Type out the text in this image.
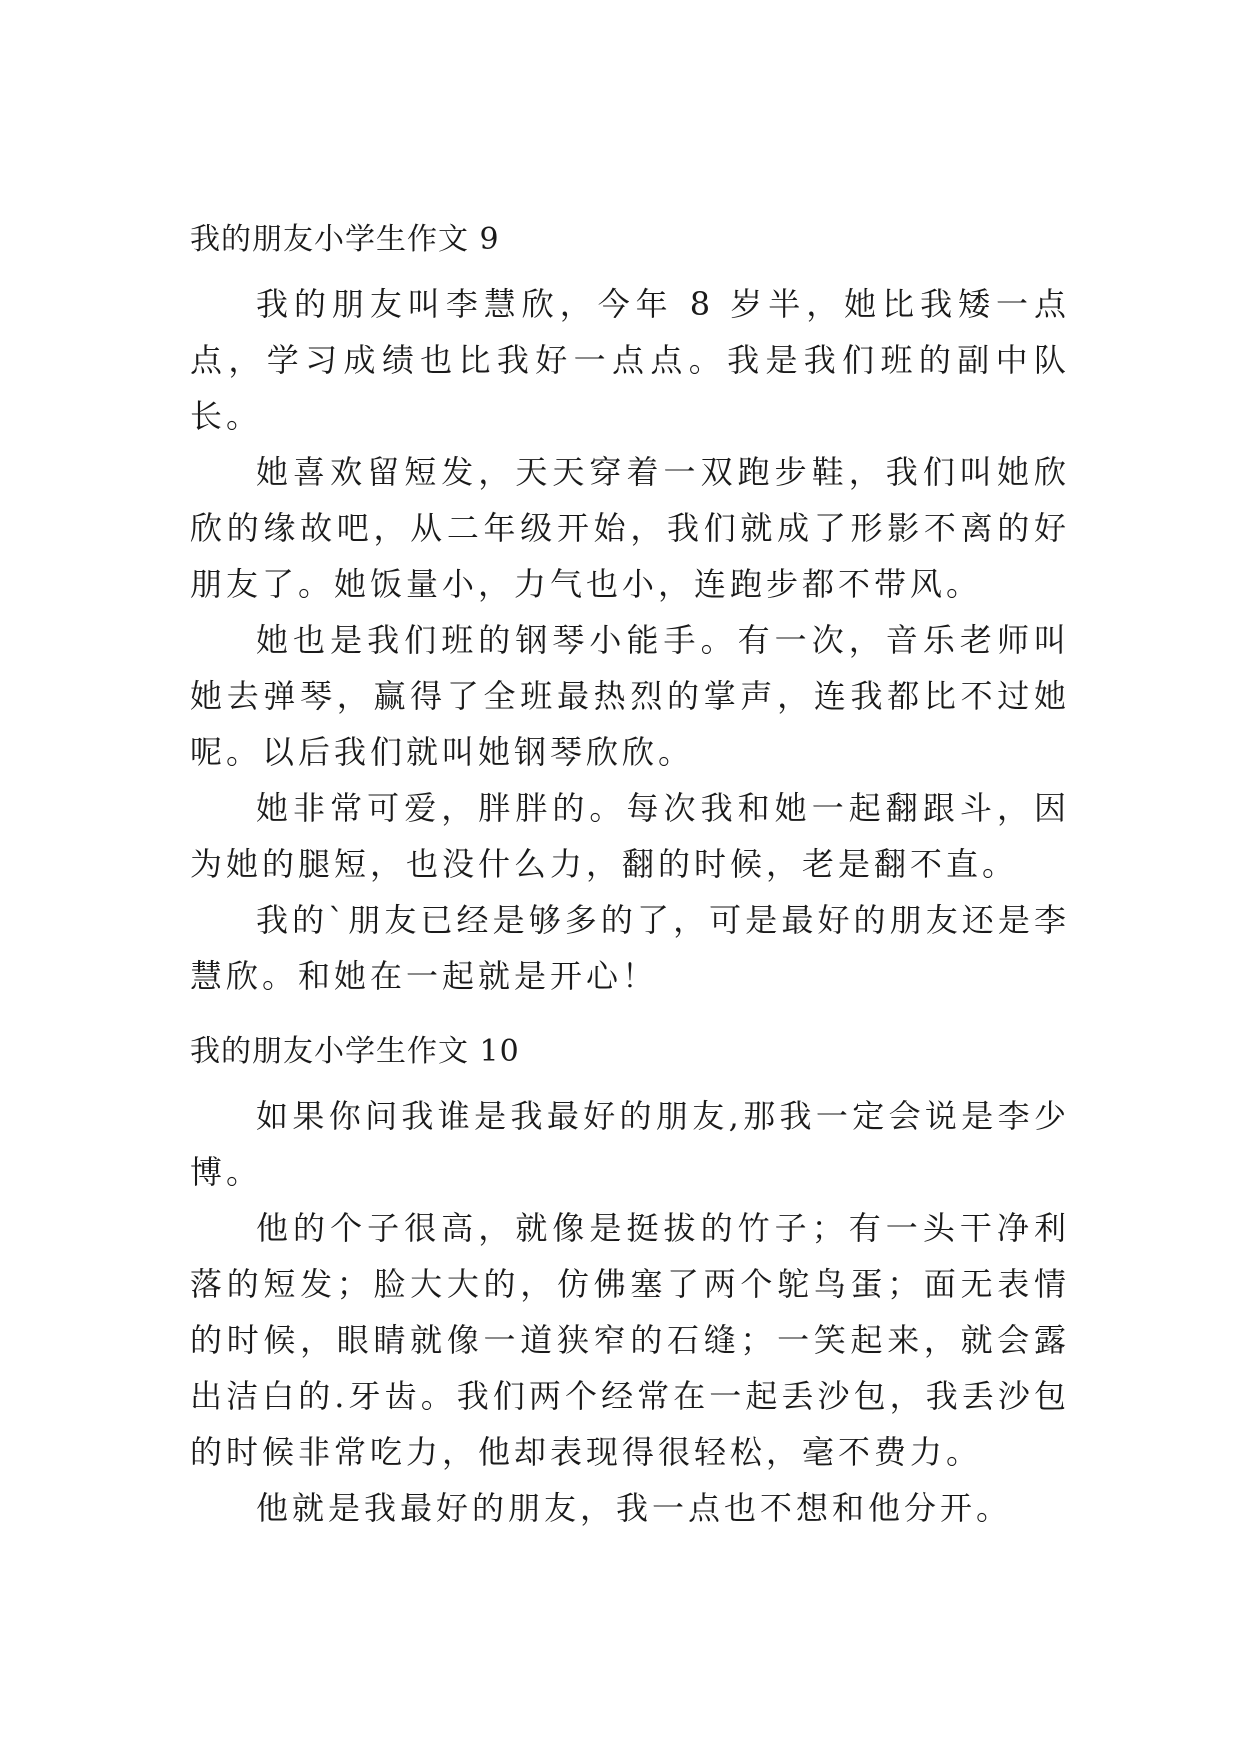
我的朋友小学生作文 9

我的朋友叫李慧欣，今年 8 岁半，她比我矮一点点，学习成绩也比我好一点点。我是我们班的副中队长。

她喜欢留短发，天天穿着一双跑步鞋，我们叫她欣欣的缘故吧，从二年级开始，我们就成了形影不离的好朋友了。她饭量小，力气也小，连跑步都不带风。

她也是我们班的钢琴小能手。有一次，音乐老师叫她去弹琴，赢得了全班最热烈的掌声，连我都比不过她呢。以后我们就叫她钢琴欣欣。

她非常可爱，胖胖的。每次我和她一起翻跟斗，因为她的腿短，也没什么力，翻的时候，老是翻不直。

我的`朋友已经是够多的了，可是最好的朋友还是李慧欣。和她在一起就是开心！

我的朋友小学生作文 10

如果你问我谁是我最好的朋友,那我一定会说是李少博。

他的个子很高，就像是挺拔的竹子；有一头干净利落的短发；脸大大的，仿佛塞了两个鸵鸟蛋；面无表情的时候，眼睛就像一道狭窄的石缝；一笑起来，就会露出洁白的.牙齿。我们两个经常在一起丢沙包，我丢沙包的时候非常吃力，他却表现得很轻松，毫不费力。

他就是我最好的朋友，我一点也不想和他分开。
